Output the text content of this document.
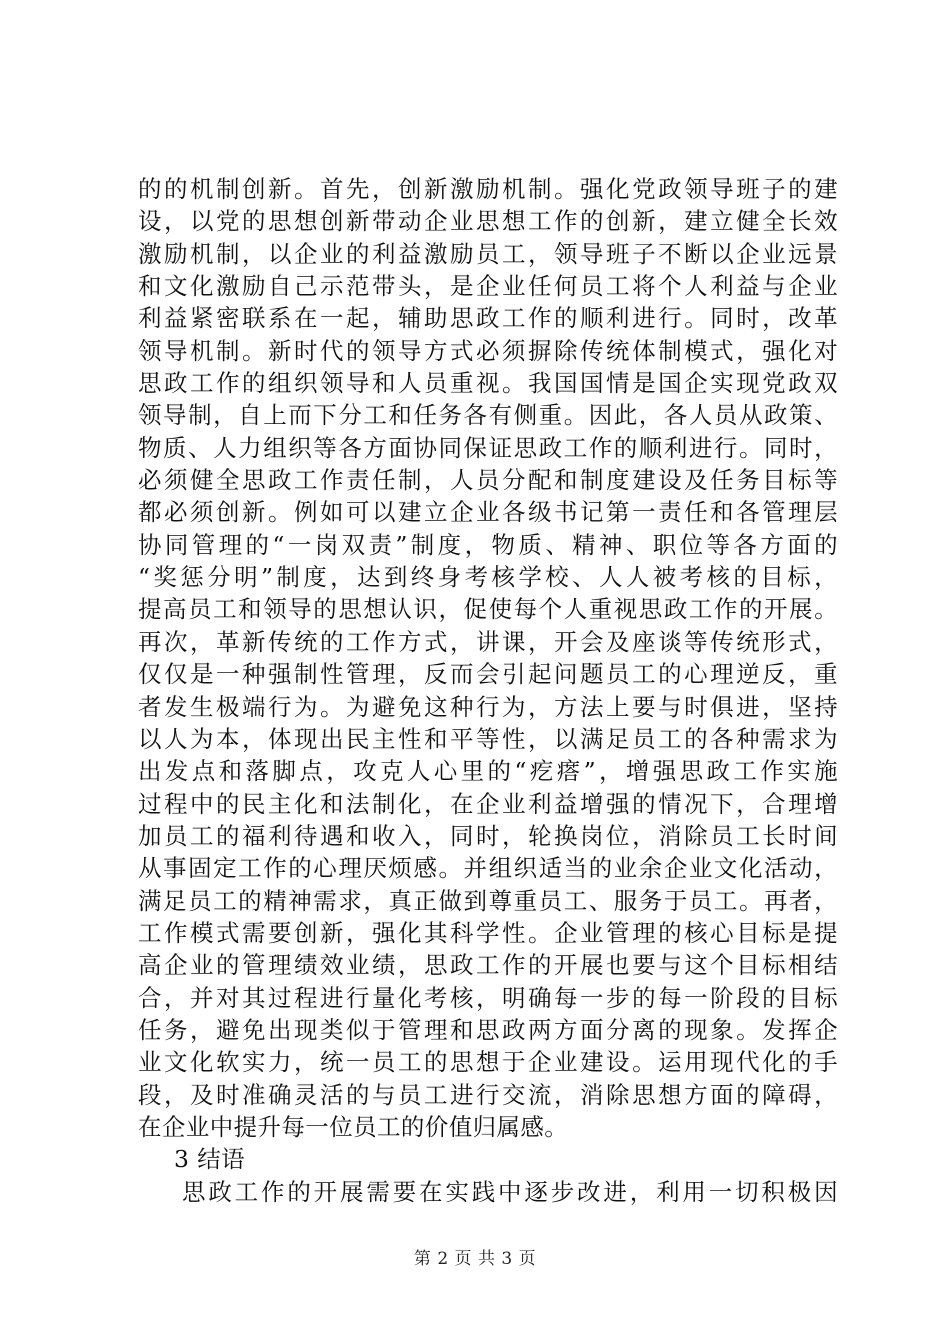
的的机制创新。首先，创新激励机制。强化党政领导班子的建
设，以党的思想创新带动企业思想工作的创新，建立健全长效
激励机制，以企业的利益激励员工，领导班子不断以企业远景
和文化激励自己示范带头，是企业任何员工将个人利益与企业
利益紧密联系在一起，辅助思政工作的顺利进行。同时，改革
领导机制。新时代的领导方式必须摒除传统体制模式，强化对
思政工作的组织领导和人员重视。我国国情是国企实现党政双
领导制，自上而下分工和任务各有侧重。因此，各人员从政策、
物质、人力组织等各方面协同保证思政工作的顺利进行。同时，
必须健全思政工作责任制，人员分配和制度建设及任务目标等
都必须创新。例如可以建立企业各级书记第一责任和各管理层
协同管理的“一岗双责”制度，物质、精神、职位等各方面的
“奖惩分明”制度，达到终身考核学校、人人被考核的目标，
提高员工和领导的思想认识，促使每个人重视思政工作的开展。
再次，革新传统的工作方式，讲课，开会及座谈等传统形式，
仅仅是一种强制性管理，反而会引起问题员工的心理逆反，重
者发生极端行为。为避免这种行为，方法上要与时俱进，坚持
以人为本，体现出民主性和平等性，以满足员工的各种需求为
出发点和落脚点，攻克人心里的“疙瘩”，增强思政工作实施
过程中的民主化和法制化，在企业利益增强的情况下，合理增
加员工的福利待遇和收入，同时，轮换岗位，消除员工长时间
从事固定工作的心理厌烦感。并组织适当的业余企业文化活动，
满足员工的精神需求，真正做到尊重员工、服务于员工。再者，
工作模式需要创新，强化其科学性。企业管理的核心目标是提
高企业的管理绩效业绩，思政工作的开展也要与这个目标相结
合，并对其过程进行量化考核，明确每一步的每一阶段的目标
任务，避免出现类似于管理和思政两方面分离的现象。发挥企
业文化软实力，统一员工的思想于企业建设。运用现代化的手
段，及时准确灵活的与员工进行交流，消除思想方面的障碍，
在企业中提升每一位员工的价值归属感。
3 结语
思政工作的开展需要在实践中逐步改进，利用一切积极因
第 2 页 共 3 页
